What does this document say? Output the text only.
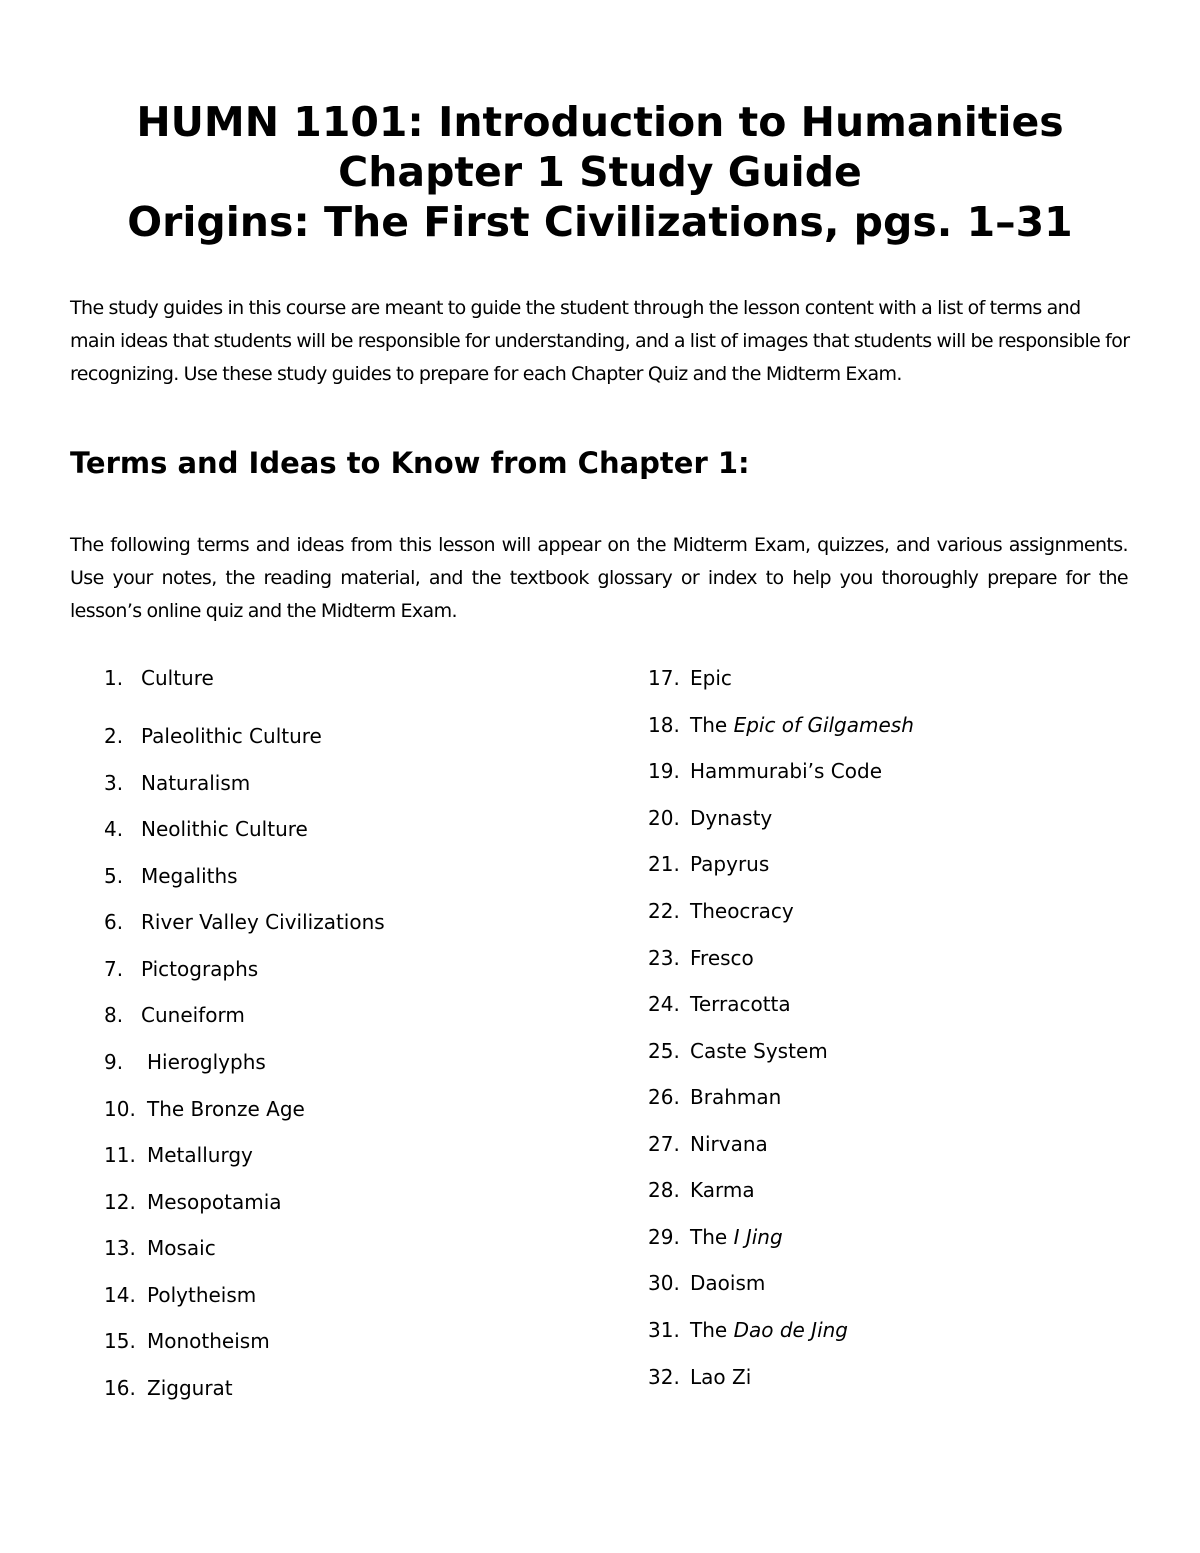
HUMN 1101: Introduction to Humanities
Chapter 1 Study Guide
Origins: The First Civilizations, pgs. 1–31

The study guides in this course are meant to guide the student through the lesson content with a list of terms and main ideas that students will be responsible for understanding, and a list of images that students will be responsible for recognizing. Use these study guides to prepare for each Chapter Quiz and the Midterm Exam.

Terms and Ideas to Know from Chapter 1:

The following terms and ideas from this lesson will appear on the Midterm Exam, quizzes, and various assignments. Use your notes, the reading material, and the textbook glossary or index to help you thoroughly prepare for the lesson’s online quiz and the Midterm Exam.

1. Culture
2. Paleolithic Culture
3. Naturalism
4. Neolithic Culture
5. Megaliths
6. River Valley Civilizations
7. Pictographs
8. Cuneiform
9. Hieroglyphs
10. The Bronze Age
11. Metallurgy
12. Mesopotamia
13. Mosaic
14. Polytheism
15. Monotheism
16. Ziggurat
17. Epic
18. The Epic of Gilgamesh
19. Hammurabi’s Code
20. Dynasty
21. Papyrus
22. Theocracy
23. Fresco
24. Terracotta
25. Caste System
26. Brahman
27. Nirvana
28. Karma
29. The I Jing
30. Daoism
31. The Dao de Jing
32. Lao Zi
